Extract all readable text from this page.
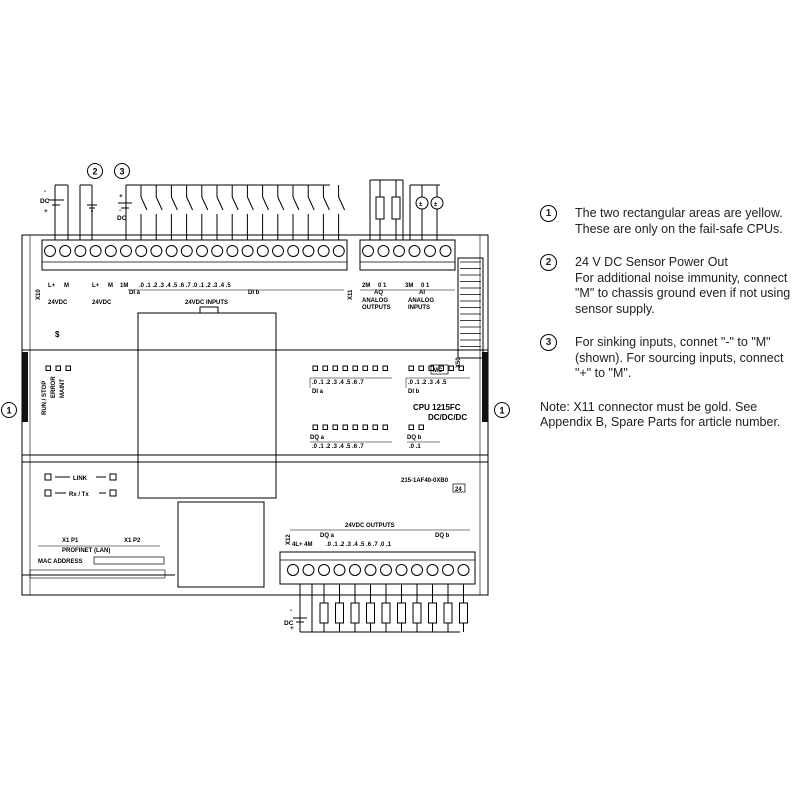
1	1
X50
± ±
DC
-
+
+
-
DC
2 3
X10
L+ M
24VDC
L+ M
24VDC
1M .0 .1 .2 .3 .4 .5 .6 .7 .0 .1 .2 .3 .4 .5
DI a	DI b
24VDC INPUTS
X11
2M 0 1
AQ
ANALOG
OUTPUTS
3M 0 1
AI
ANALOG
INPUTS
$
RUN / STOP ERROR MAINT	.0 .1 .2 .3 .4 .5 .6 .7
DI a
.0 .1 .2 .3 .4 .5
DI b
DQ a
.0 .1 .2 .3 .4 .5 .6 .7
DQ b
.0 .1
CPU 1215FC
DC/DC/DC
215-1AF40-0XB0
24
MC
LINK
Rx / Tx
X1 P1	X1 P2
PROFINET (LAN)
MAC ADDRESS
X12
24VDC OUTPUTS
DQ a	DQ b
4L+ 4M .0 .1 .2 .3 .4 .5 .6 .7 .0 .1
DC
-
+
1	The two rectangular areas are yellow.
These are only on the fail-safe CPUs.
2	24 V DC Sensor Power Out
For additional noise immunity, connect
"M" to chassis ground even if not using
sensor supply.
3	For sinking inputs, connet "-" to "M"
(shown). For sourcing inputs, connect
"+" to "M".
Note: X11 connector must be gold. See
Appendix B, Spare Parts for article number.
